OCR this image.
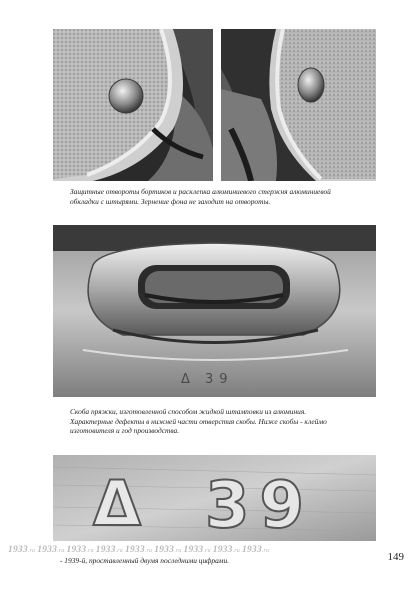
Защитные отвороты бортиков и расклепка алюминиевого стержня алюминиевой
обкладки с штырями. Зернение фона не заходит на отвороты.

Δ 39

Скоба пряжки, изготовленной способом жидкой штамповки из алюминия.
Характерные дефекты в нижней части отверстия скобы. Ниже скобы - клеймо
изготовителя и год производства.

Δ 39
1933.ru 1933.ru 1933.ru 1933.ru 1933.ru 1933.ru 1933.ru 1933.ru 1933.ru
- 1939-й, проставленный двумя последними цифрами.	149
